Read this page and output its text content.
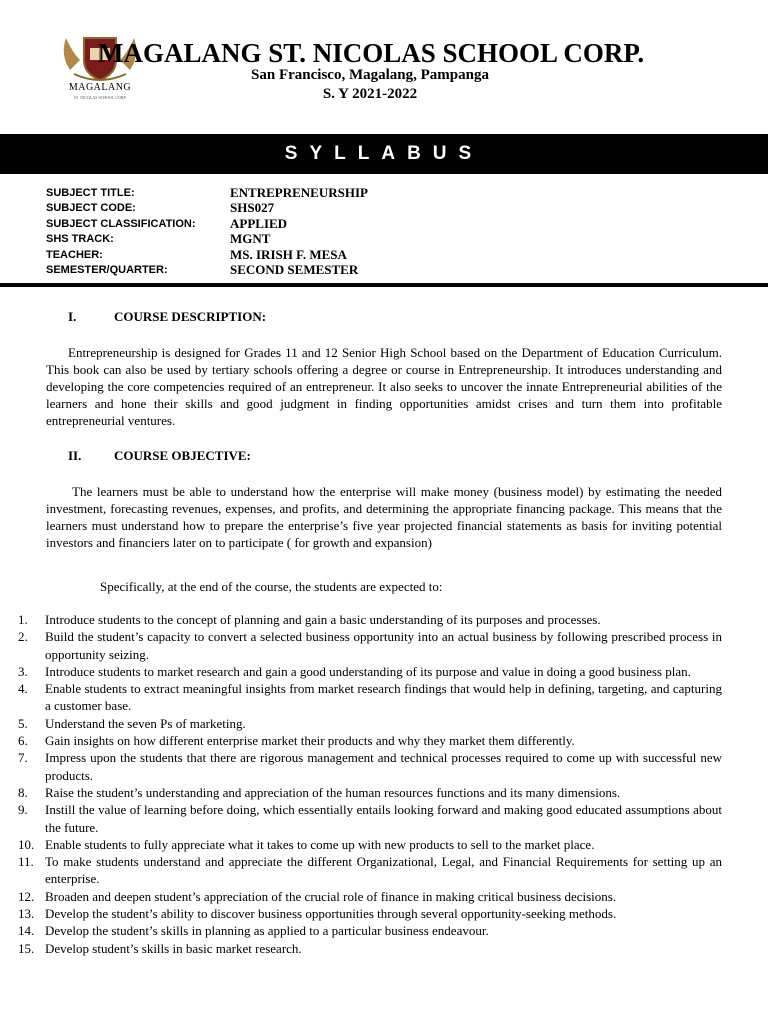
MAGALANG
ST. NICOLAS SCHOOL CORP.
MAGALANG ST. NICOLAS SCHOOL CORP.
San Francisco, Magalang, Pampanga
S. Y 2021-2022
SYLLABUS
SUBJECT TITLE:	ENTREPRENEURSHIP
SUBJECT CODE:	SHS027
SUBJECT CLASSIFICATION:	APPLIED
SHS TRACK:	MGNT
TEACHER:	MS. IRISH F. MESA
SEMESTER/QUARTER:	SECOND SEMESTER
I.	COURSE DESCRIPTION:
Entrepreneurship is designed for Grades 11 and 12 Senior High School based on the Department of Education Curriculum. This book can also be used by tertiary schools offering a degree or course in Entrepreneurship. It introduces understanding and developing the core competencies required of an entrepreneur. It also seeks to uncover the innate Entrepreneurial abilities of the learners and hone their skills and good judgment in finding opportunities amidst crises and turn them into profitable entrepreneurial ventures.
II.	COURSE OBJECTIVE:
The learners must be able to understand how the enterprise will make money (business model) by estimating the needed investment, forecasting revenues, expenses, and profits, and determining the appropriate financing package. This means that the learners must understand how to prepare the enterprise’s five year projected financial statements as basis for inviting potential investors and financiers later on to participate ( for growth and expansion)
Specifically, at the end of the course, the students are expected to:
1.	Introduce students to the concept of planning and gain a basic understanding of its purposes and processes.
2.	Build the student’s capacity to convert a selected business opportunity into an actual business by following prescribed process in opportunity seizing.
3.	Introduce students to market research and gain a good understanding of its purpose and value in doing a good business plan.
4.	Enable students to extract meaningful insights from market research findings that would help in defining, targeting, and capturing a customer base.
5.	Understand the seven Ps of marketing.
6.	Gain insights on how different enterprise market their products and why they market them differently.
7.	Impress upon the students that there are rigorous management and technical processes required to come up with successful new products.
8.	Raise the student’s understanding and appreciation of the human resources functions and its many dimensions.
9.	Instill the value of learning before doing, which essentially entails looking forward and making good educated assumptions about the future.
10. Enable students to fully appreciate what it takes to come up with new products to sell to the market place.
11. To make students understand and appreciate the different Organizational, Legal, and Financial Requirements for setting up an enterprise.
12. Broaden and deepen student’s appreciation of the crucial role of finance in making critical business decisions.
13. Develop the student’s ability to discover business opportunities through several opportunity-seeking methods.
14. Develop the student’s skills in planning as applied to a particular business endeavour.
15. Develop student’s skills in basic market research.
